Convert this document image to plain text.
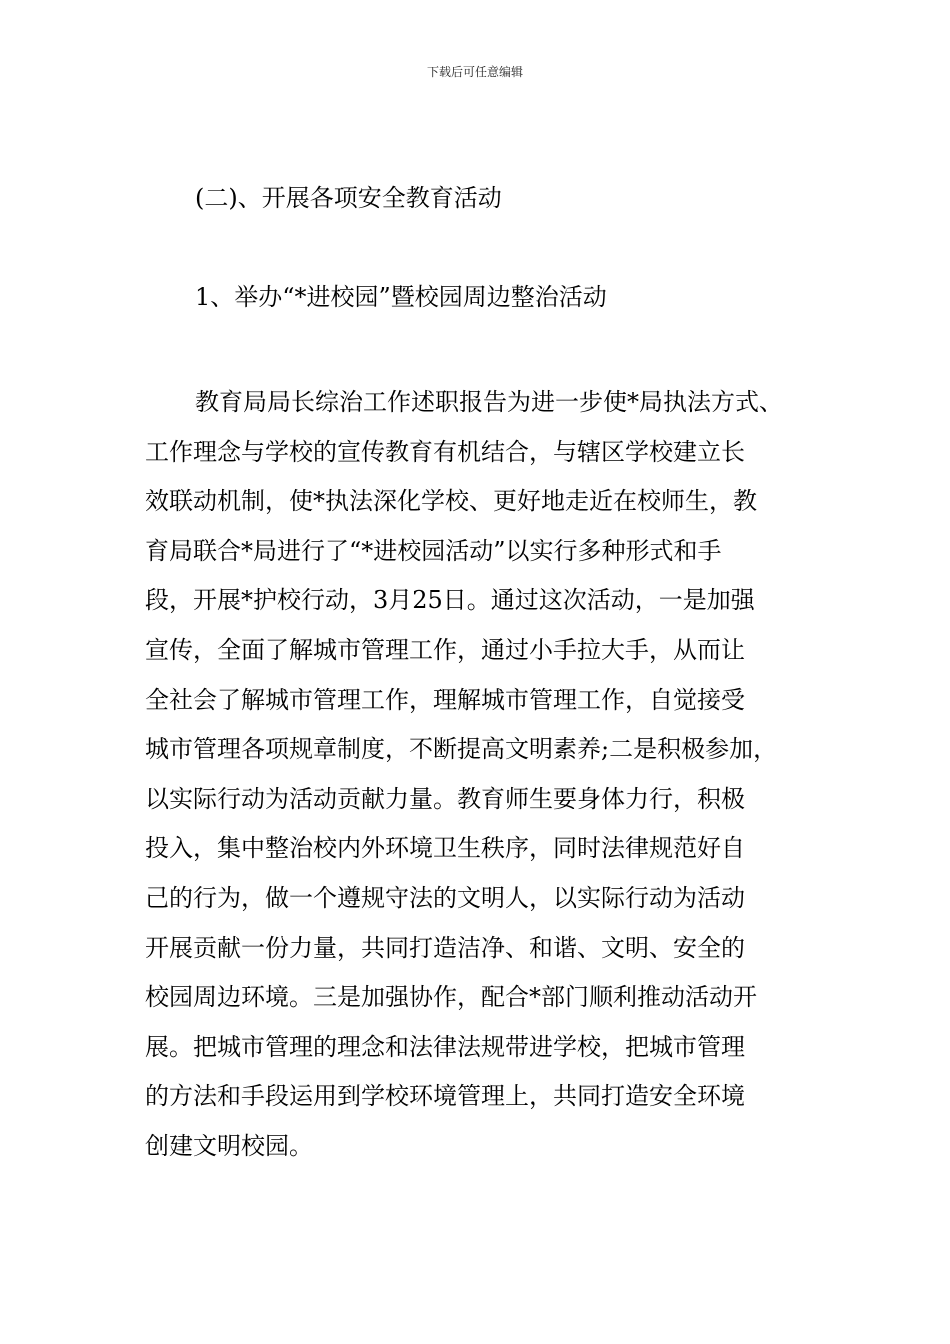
下载后可任意编辑
(二)、开展各项安全教育活动
1、举办“*进校园”暨校园周边整治活动
教育局局长综治工作述职报告为进一步使*局执法方式、
工作理念与学校的宣传教育有机结合，与辖区学校建立长
效联动机制，使*执法深化学校、更好地走近在校师生，教
育局联合*局进行了“*进校园活动”以实行多种形式和手
段，开展*护校行动，3月25日。通过这次活动，一是加强
宣传，全面了解城市管理工作，通过小手拉大手，从而让
全社会了解城市管理工作，理解城市管理工作，自觉接受
城市管理各项规章制度，不断提高文明素养;二是积极参加，
以实际行动为活动贡献力量。教育师生要身体力行，积极
投入，集中整治校内外环境卫生秩序，同时法律规范好自
己的行为，做一个遵规守法的文明人，以实际行动为活动
开展贡献一份力量，共同打造洁净、和谐、文明、安全的
校园周边环境。三是加强协作，配合*部门顺利推动活动开
展。把城市管理的理念和法律法规带进学校，把城市管理
的方法和手段运用到学校环境管理上，共同打造安全环境
创建文明校园。
